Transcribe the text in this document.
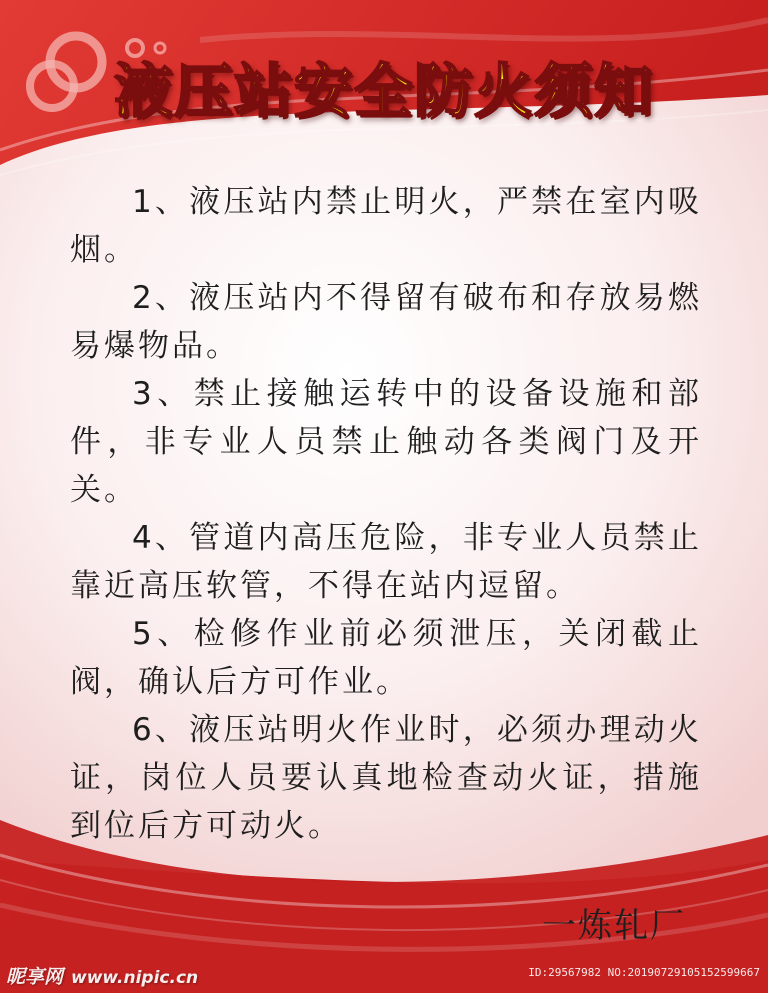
液压站安全防火须知

1、液压站内禁止明火，严禁在室内吸烟。

2、液压站内不得留有破布和存放易燃易爆物品。

3、禁止接触运转中的设备设施和部件，非专业人员禁止触动各类阀门及开关。

4、管道内高压危险，非专业人员禁止靠近高压软管，不得在站内逗留。

5、检修作业前必须泄压，关闭截止阀，确认后方可作业。

6、液压站明火作业时，必须办理动火证，岗位人员要认真地检查动火证，措施到位后方可动火。

一炼轧厂
昵享网 www.nipic.cn	ID:29567982 NO:20190729105152599667
